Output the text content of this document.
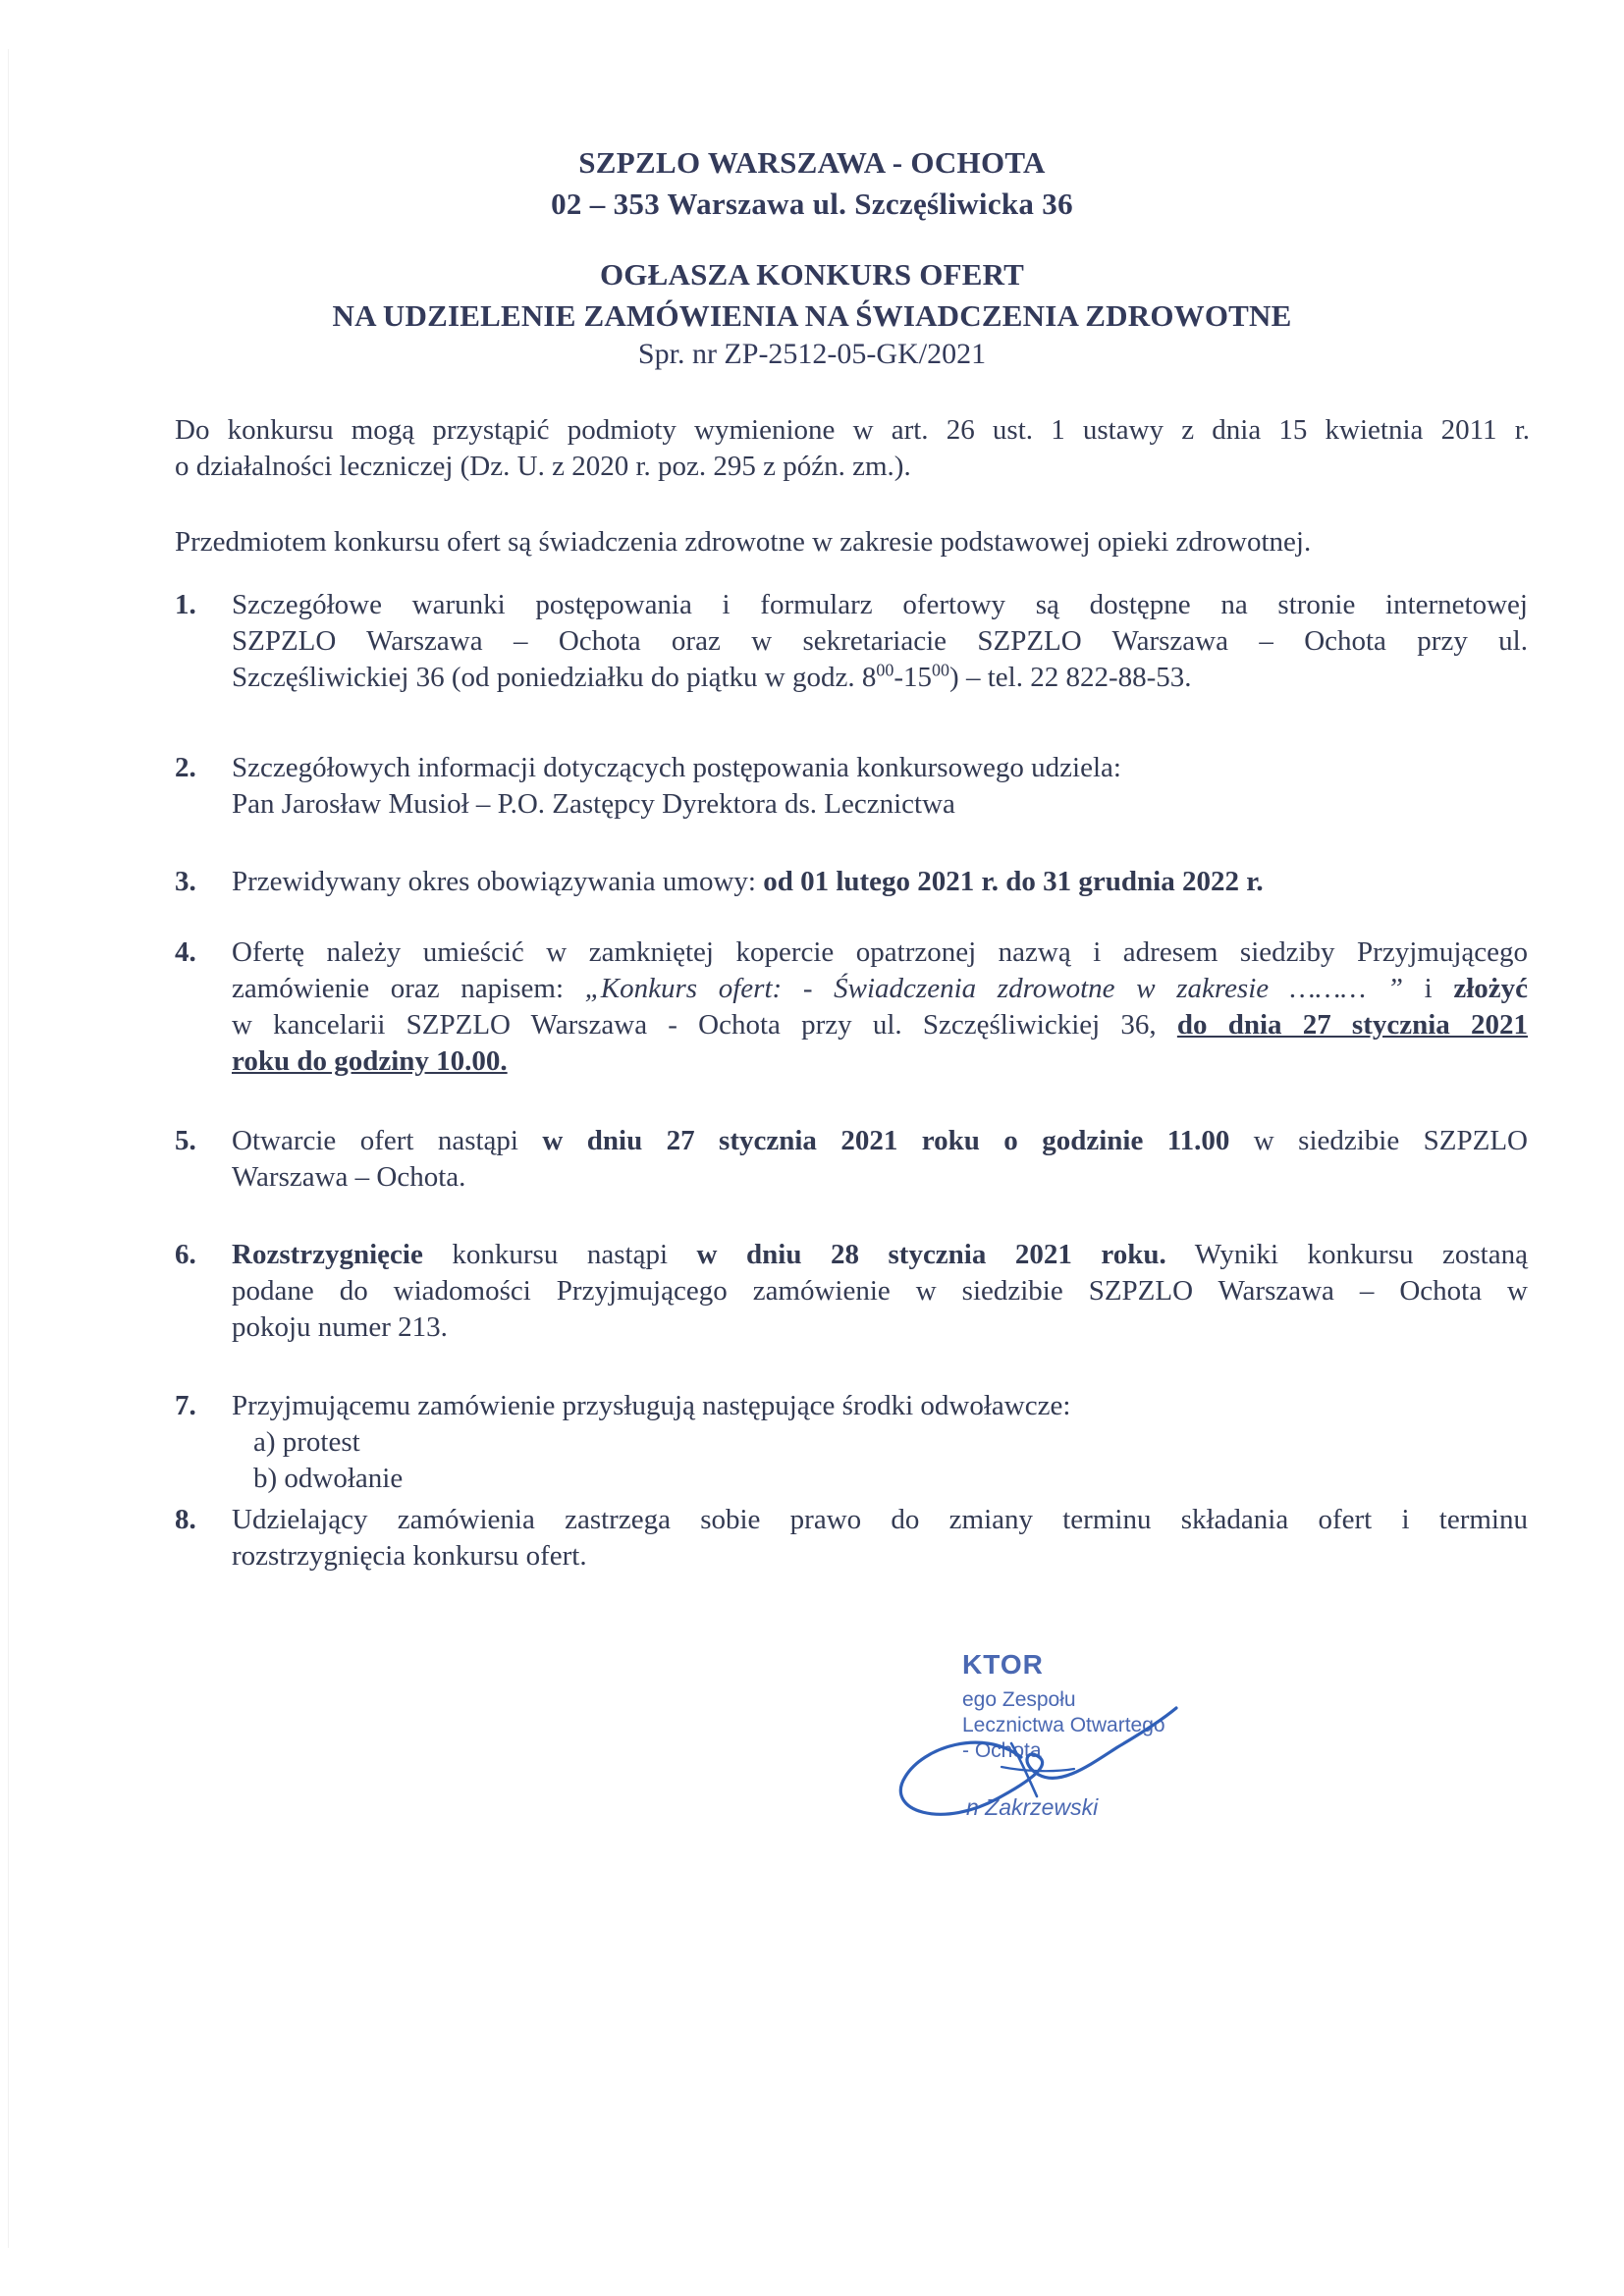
SZPZLO WARSZAWA - OCHOTA
02 – 353 Warszawa ul. Szczęśliwicka 36
OGŁASZA KONKURS OFERT
NA UDZIELENIE ZAMÓWIENIA NA ŚWIADCZENIA ZDROWOTNE
Spr. nr ZP-2512-05-GK/2021
Do konkursu mogą przystąpić podmioty wymienione w art. 26 ust. 1 ustawy z dnia 15 kwietnia 2011 r.
o działalności leczniczej (Dz. U. z 2020 r. poz. 295 z późn. zm.).
Przedmiotem konkursu ofert są świadczenia zdrowotne w zakresie podstawowej opieki zdrowotnej.
1.	Szczegółowe warunki postępowania i formularz ofertowy są dostępne na stronie internetowej
SZPZLO Warszawa – Ochota oraz w sekretariacie SZPZLO Warszawa – Ochota przy ul.
Szczęśliwickiej 36 (od poniedziałku do piątku w godz. $8^{00}-15^{00}$) – tel. 22 822-88-53.
2.	Szczegółowych informacji dotyczących postępowania konkursowego udziela:
Pan Jarosław Musioł – P.O. Zastępcy Dyrektora ds. Lecznictwa
3.	Przewidywany okres obowiązywania umowy: od 01 lutego 2021 r. do 31 grudnia 2022 r.
4.	Ofertę należy umieścić w zamkniętej kopercie opatrzonej nazwą i adresem siedziby Przyjmującego
zamówienie oraz napisem: „Konkurs ofert: - Świadczenia zdrowotne w zakresie ……… ” i złożyć
w kancelarii SZPZLO Warszawa - Ochota przy ul. Szczęśliwickiej 36, do dnia 27 stycznia 2021
roku do godziny 10.00.
5.	Otwarcie ofert nastąpi w dniu 27 stycznia 2021 roku o godzinie 11.00 w siedzibie SZPZLO
Warszawa – Ochota.
6.	Rozstrzygnięcie konkursu nastąpi w dniu 28 stycznia 2021 roku. Wyniki konkursu zostaną
podane do wiadomości Przyjmującego zamówienie w siedzibie SZPZLO Warszawa – Ochota w
pokoju numer 213.
7.	Przyjmującemu zamówienie przysługują następujące środki odwoławcze:
a) protest
b) odwołanie
8.	Udzielający zamówienia zastrzega sobie prawo do zmiany terminu składania ofert i terminu
rozstrzygnięcia konkursu ofert.
KTOR
ego Zespołu
Lecznictwa Otwartego
- Ochota
n Zakrzewski
